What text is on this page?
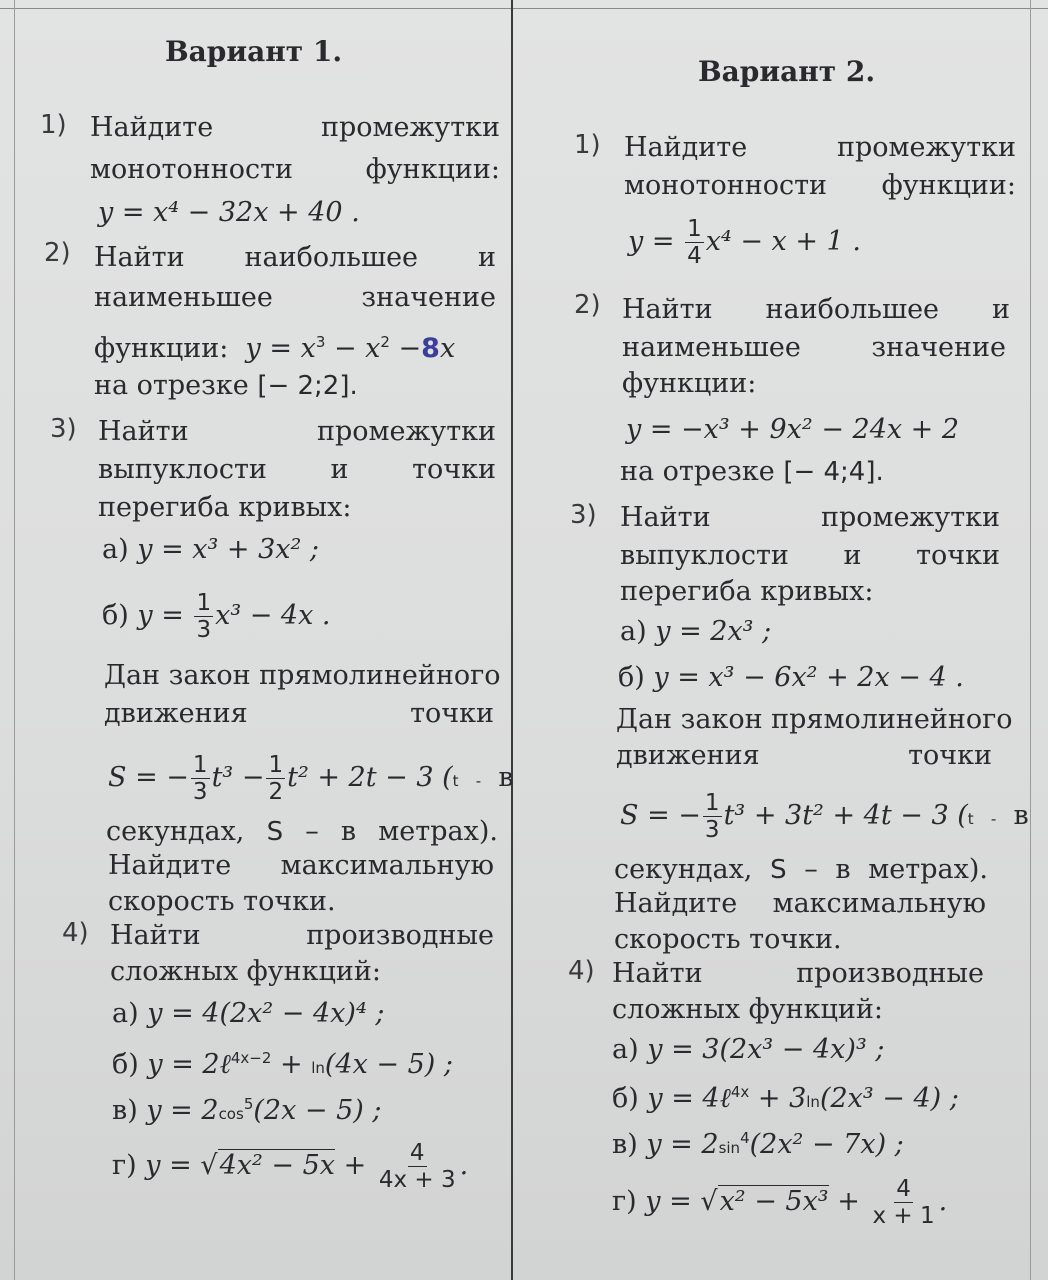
Вариант 1.
1) Найдите	промежутки
монотонности	функции:
y = x⁴ − 32x + 40 .
2) Найти наибольшее и
наименьшее	значение
функции: $y = x^3 - x^2 -8x$
на отрезке [− 2;2].
3) Найти	промежутки
выпуклости и точки
перегиба кривых:
а) y = x³ + 3x² ;
б) $y = \frac{1}{3} x^3 - 4x$ .
Дан закон прямолинейного
движения	точки
S = − $\frac{1}{3} t^3 - \frac{1}{2} t^2 + 2t - 3$ (t - в
секундах, S – в метрах).
Найдите максимальную
скорость точки.
4) Найти	производные
сложных функций:
а) y = 4(2x² − 4x)⁴ ;
б) y = 2ℓ$^{4x-2}$ + ln(4x − 5) ;
в) $y = 2\cos^5(2x - 5)$ ;
г) $y = √4x^2 - 5x + \frac{4}{4x + 3}$ .
Вариант 2.
1) Найдите	промежутки
монотонности функции:
$y = \frac{1}{4} x^4 - x + 1$ .
2) Найти наибольшее и
наименьшее	значение
функции:
y = −x³ + 9x² − 24x + 2
на отрезке [− 4;4].
3) Найти	промежутки
выпуклости и точки
перегиба кривых:
а) y = 2x³ ;
б) y = x³ − 6x² + 2x − 4 .
Дан закон прямолинейного
движения	точки
S = − $\frac{1}{3} t^3 + 3t^2 + 4t - 3$ (t - в
секундах, S – в метрах).
Найдите максимальную
скорость точки.
4) Найти	производные
сложных функций:
а) y = 3(2x³ − 4x)³ ;
б) y = 4ℓ$^{4x}$ + 3ln(2x³ − 4) ;
в) $y = 2\sin^4(2x^2 - 7x)$ ;
г) $y = √x^2 - 5x^3 + \frac{4}{x + 1}$ .
